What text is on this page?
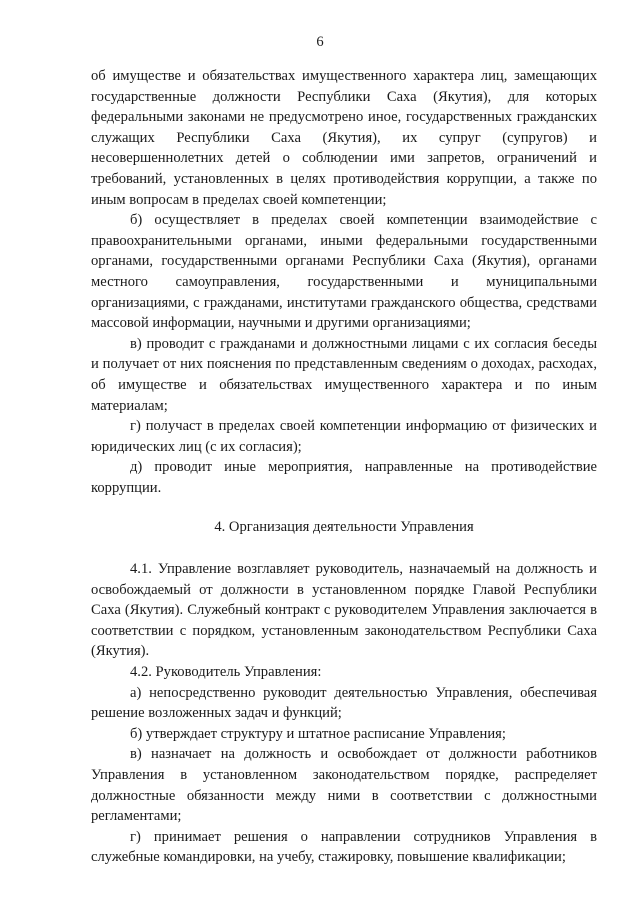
6

об имуществе и обязательствах имущественного характера лиц, замещающих государственные должности Республики Саха (Якутия), для которых федеральными законами не предусмотрено иное, государственных гражданских служащих Республики Саха (Якутия), их супруг (супругов) и несовершеннолетних детей о соблюдении ими запретов, ограничений и требований, установленных в целях противодействия коррупции, а также по иным вопросам в пределах своей компетенции;

б) осуществляет в пределах своей компетенции взаимодействие с правоохранительными органами, иными федеральными государственными органами, государственными органами Республики Саха (Якутия), органами местного самоуправления, государственными и муниципальными организациями, с гражданами, институтами гражданского общества, средствами массовой информации, научными и другими организациями;

в) проводит с гражданами и должностными лицами с их согласия беседы и получает от них пояснения по представленным сведениям о доходах, расходах, об имуществе и обязательствах имущественного характера и по иным материалам;

г) получаст в пределах своей компетенции информацию от физических и юридических лиц (с их согласия);

д) проводит иные мероприятия, направленные на противодействие коррупции.

4. Организация деятельности Управления

4.1. Управление возглавляет руководитель, назначаемый на должность и освобождаемый от должности в установленном порядке Главой Республики Саха (Якутия). Служебный контракт с руководителем Управления заключается в соответствии с порядком, установленным законодательством Республики Саха (Якутия).

4.2. Руководитель Управления:

а) непосредственно руководит деятельностью Управления, обеспечивая решение возложенных задач и функций;

б) утверждает структуру и штатное расписание Управления;

в) назначает на должность и освобождает от должности работников Управления в установленном законодательством порядке, распределяет должностные обязанности между ними в соответствии с должностными регламентами;

г) принимает решения о направлении сотрудников Управления в служебные командировки, на учебу, стажировку, повышение квалификации;
